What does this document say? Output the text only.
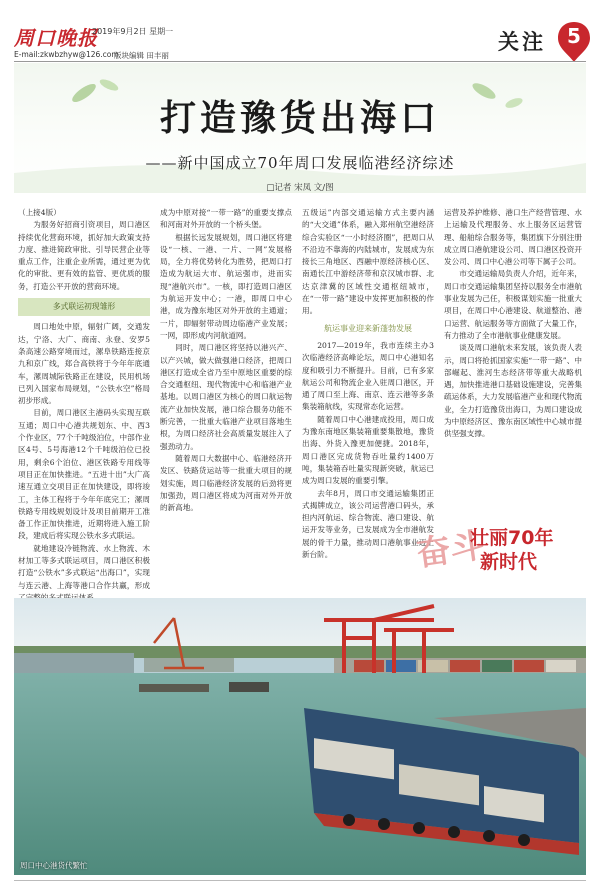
周口晚报
2019年9月2日 星期一
E-mail:zkwbzhyw@126.com
版块编辑 田丰丽
关注	5
打造豫货出海口
——新中国成立70年周口发展临港经济综述
□记者 宋凤 文/图

（上接4版）

为服务好招商引资项目，周口港区持续优化营商环境，抓好加大政策支持力度、推进简政审批、引导民营企业等重点工作，注重企业所需，通过更为优化的审批、更有效的监管、更优质的服务，打造公平开放的营商环境。

多式联运初现雏形

周口地处中原，辐射广阔，交通发达，宁洛、大广、商南、永登、安罗5条高速公路穿境而过，漯阜铁路连接京九和京广线，郑合高铁将于今年年底通车，漯周城际铁路正在建设，民用机场已列入国家布局规划，“公铁水空”格局初步形成。

目前，周口港区主港码头实现互联互通；周口中心港共规划东、中、西3个作业区，77个千吨级泊位，中部作业区4号、5号海港12个千吨级泊位已投用，剩余6个泊位、港区铁路专用线等项目正在加快推进。“五进十出”大广高速互通立交项目正在加快建设，即将竣工，主体工程将于今年年底完工；漯周铁路专用线规划设计及项目前期开工准备工作正加快推进，近期将进入施工阶段，建成后将实现公铁水多式联运。

就地建设冷链物流、水上物流、木材加工等多式联运项目，周口港区积极打造“公铁水”多式联运“出海口”，实现与连云港、上海等港口合作共赢，形成

成为中原对接“一带一路”的重要支撑点和河南对外开放的一个桥头堡。

根据长远发展规划，周口港区将建设“一核、一港、一片、一网”发展格局，全力将优势转化为胜势，把周口打造成为航运大市、航运强市，进而实现“港航兴市”。一核，即打造周口港区为航运开发中心；一港，即周口中心港，成为豫东地区对外开放的主通道；一片，即辐射带动周边临港产业发展；一网，即形成内河航道网。

同时，周口港区将坚持以港兴产、以产兴城，做大做强港口经济，把周口港区打造成全省乃至中原地区重要的综合交通枢纽、现代物流中心和临港产业基地。以周口港区为核心的周口航运物流产业加快发展，港口综合服务功能不断完善，一批重大临港产业项目落地生根，为周口经济社会高质量发展注入了强劲动力。

随着周口大数据中心、临港经济开发区、铁路货运站等一批重大项目的规划实施，周口临港经济发展的后劲将更加强劲，周口港区将成为河南对外开放的新高地。

五级运”内部交通运输方式主要内涵的“大交通”体系，融入郑州航空港经济综合实验区“一小时经济圈”，把周口从不沿边不靠海的内陆城市，发展成为东接长三角地区、西融中原经济核心区、南通长江中游经济带和京汉城市群、北达京津冀的区域性交通枢纽城市，在“一带一路”建设中发挥更加积极的作用。

航运事业迎来新蓬勃发展

2017—2019年，我市连续主办3次临港经济高峰论坛，周口中心港知名度和吸引力不断提升。目前，已有多家航运公司和物流企业入驻周口港区，开通了周口至上海、南京、连云港等多条集装箱航线，实现常态化运营。

随着周口中心港建成投用，周口成为豫东南地区集装箱重要集散地，豫货出海、外货入豫更加便捷。2018年，周口港区完成货物吞吐量约1400万吨，集装箱吞吐量实现新突破，航运已成为周口发展的重要引擎。

去年8月，周口市交通运输集团正式揭牌成立，该公司运营港口码头，承担内河航运、综合物流、港口建设、航运开发等业务，已发展成为全市港航发展的骨干力量，推动周口港航事业迈上新台阶。

运营及养护维修、港口生产经营管理、水上运输及代理服务、水上服务区运营管理、船舶综合服务等，集团旗下分别注册成立周口港航建设公司、周口港区投资开发公司、周口中心港公司等下属子公司。

市交通运输局负责人介绍，近年来，周口市交通运输集团坚持以服务全市港航事业发展为己任，积极谋划实施一批重大项目，在周口中心港建设、航道整治、港口运营、航运服务等方面做了大量工作，有力推动了全市港航事业健康发展。

谈及周口港航未来发展，该负责人表示，周口将抢抓国家实施“一带一路”、中部崛起、淮河生态经济带等重大战略机遇，加快推进港口基础设施建设，完善集疏运体系，大力发展临港产业和现代物流业，全力打造豫货出海口，为周口建设成为中原经济区、豫东南区域性中心城市提供坚强支撑。

奋斗
壮丽70年
新时代
周口中心港货代繁忙
